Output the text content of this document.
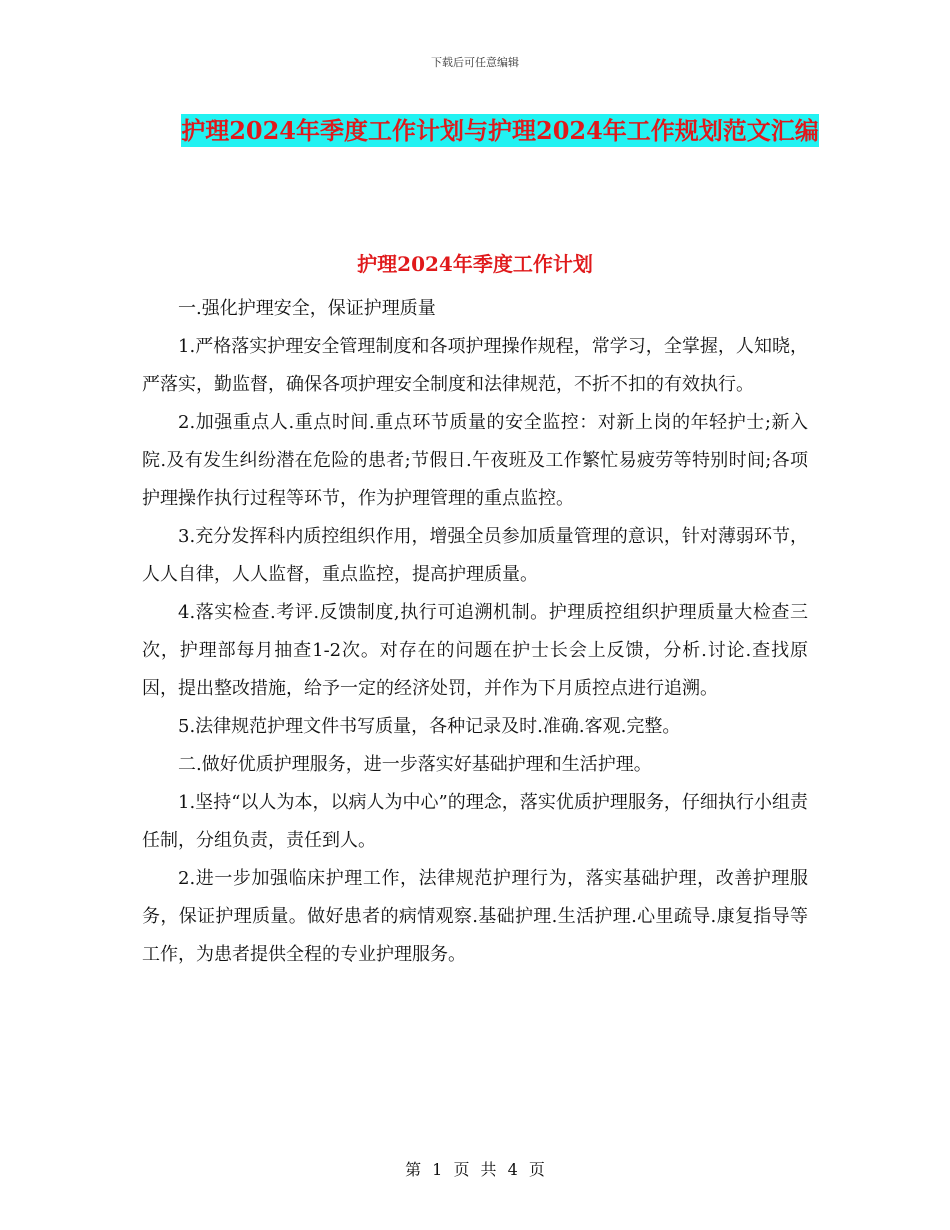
下载后可任意编辑
护理2024年季度工作计划与护理2024年工作规划范文汇编
护理2024年季度工作计划

一.强化护理安全，保证护理质量

1.严格落实护理安全管理制度和各项护理操作规程，常学习，全掌握，人知晓，严落实，勤监督，确保各项护理安全制度和法律规范，不折不扣的有效执行。

2.加强重点人.重点时间.重点环节质量的安全监控：对新上岗的年轻护士;新入院.及有发生纠纷潜在危险的患者;节假日.午夜班及工作繁忙易疲劳等特别时间;各项护理操作执行过程等环节，作为护理管理的重点监控。

3.充分发挥科内质控组织作用，增强全员参加质量管理的意识，针对薄弱环节，人人自律，人人监督，重点监控，提高护理质量。

4.落实检查.考评.反馈制度,执行可追溯机制。护理质控组织护理质量大检查三次，护理部每月抽查1-2次。对存在的问题在护士长会上反馈，分析.讨论.查找原因，提出整改措施，给予一定的经济处罚，并作为下月质控点进行追溯。

5.法律规范护理文件书写质量，各种记录及时.准确.客观.完整。

二.做好优质护理服务，进一步落实好基础护理和生活护理。

1.坚持“以人为本，以病人为中心”的理念，落实优质护理服务，仔细执行小组责任制，分组负责，责任到人。

2.进一步加强临床护理工作，法律规范护理行为，落实基础护理，改善护理服务，保证护理质量。做好患者的病情观察.基础护理.生活护理.心里疏导.康复指导等工作，为患者提供全程的专业护理服务。

第 1 页 共 4 页
